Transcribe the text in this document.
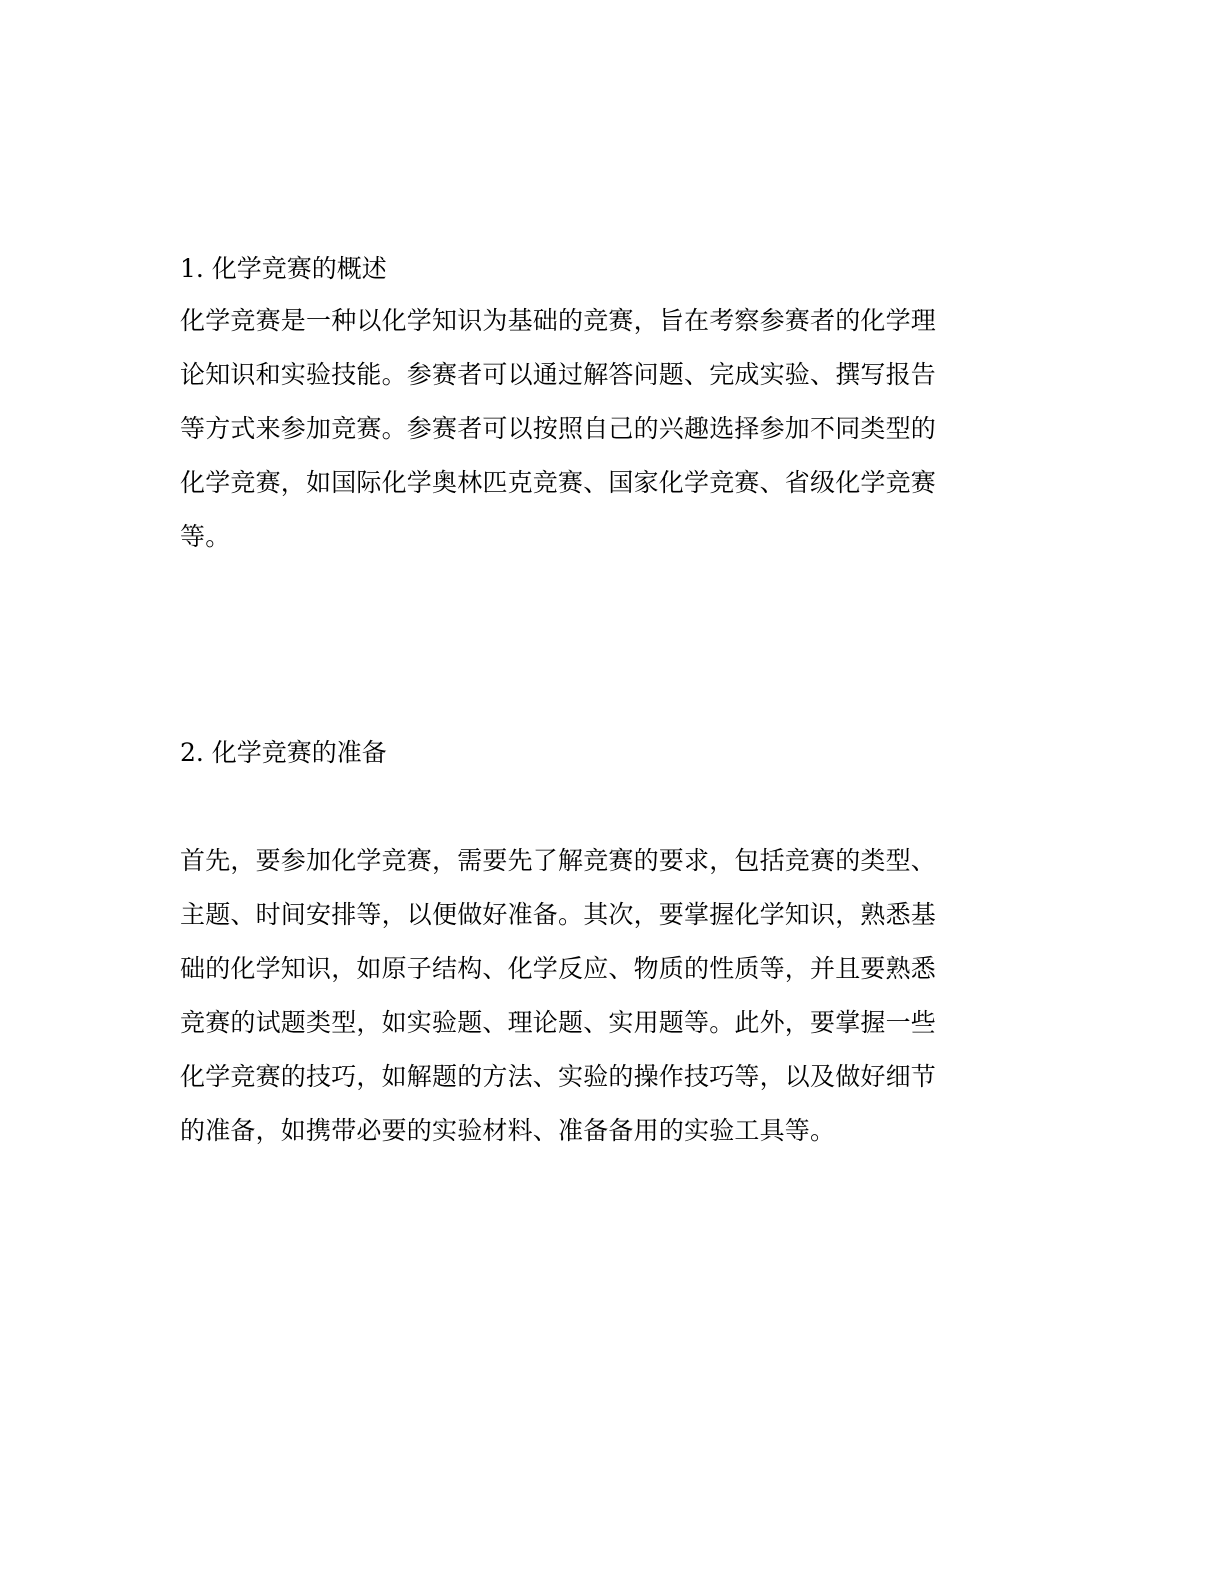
1. 化学竞赛的概述
化学竞赛是一种以化学知识为基础的竞赛，旨在考察参赛者的化学理
论知识和实验技能。参赛者可以通过解答问题、完成实验、撰写报告
等方式来参加竞赛。参赛者可以按照自己的兴趣选择参加不同类型的
化学竞赛，如国际化学奥林匹克竞赛、国家化学竞赛、省级化学竞赛
等。
2. 化学竞赛的准备
首先，要参加化学竞赛，需要先了解竞赛的要求，包括竞赛的类型、
主题、时间安排等，以便做好准备。其次，要掌握化学知识，熟悉基
础的化学知识，如原子结构、化学反应、物质的性质等，并且要熟悉
竞赛的试题类型，如实验题、理论题、实用题等。此外，要掌握一些
化学竞赛的技巧，如解题的方法、实验的操作技巧等，以及做好细节
的准备，如携带必要的实验材料、准备备用的实验工具等。
